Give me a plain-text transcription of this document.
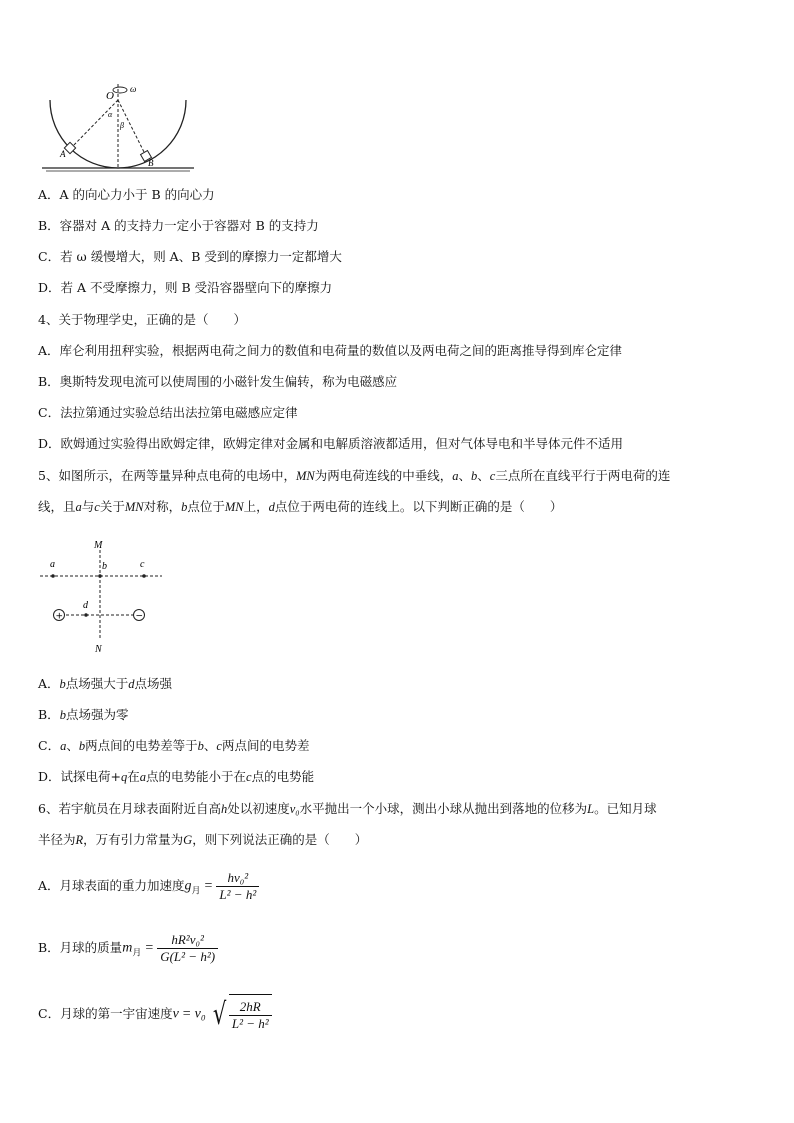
O
ω
α
β
A
B
A．A 的向心力小于 B 的向心力
B．容器对 A 的支持力一定小于容器对 B 的支持力
C．若 ω 缓慢增大，则 A、B 受到的摩擦力一定都增大
D．若 A 不受摩擦力，则 B 受沿容器壁向下的摩擦力
4、关于物理学史，正确的是（　　）
A．库仑利用扭秤实验，根据两电荷之间力的数值和电荷量的数值以及两电荷之间的距离推导得到库仑定律
B．奥斯特发现电流可以使周围的小磁针发生偏转，称为电磁感应
C．法拉第通过实验总结出法拉第电磁感应定律
D．欧姆通过实验得出欧姆定律，欧姆定律对金属和电解质溶液都适用，但对气体导电和半导体元件不适用
5、如图所示，在两等量异种点电荷的电场中，MN为两电荷连线的中垂线，a、b、c三点所在直线平行于两电荷的连
线，且a与c关于MN对称，b点位于MN上，d点位于两电荷的连线上。以下判断正确的是（　　）
+	−
M
N
a	b	c
d
A．b点场强大于d点场强
B．b点场强为零
C．a、b两点间的电势差等于b、c两点间的电势差
D．试探电荷+q在a点的电势能小于在c点的电势能
6、若宇航员在月球表面附近自高h处以初速度v₀水平抛出一个小球，测出小球从抛出到落地的位移为L。已知月球
半径为R，万有引力常量为G，则下列说法正确的是（　　）
A．月球表面的重力加速度$g_月 = \frac{\text{hv₀²}}{\text{L² − h²}}$
B．月球的质量$m_月 = \frac{\text{hR²v₀²}}{\text{G(L² − h²)}}$
C．月球的第一宇宙速度v = v₀ √ $\frac{2hR}{\text{L² − h²}}$
